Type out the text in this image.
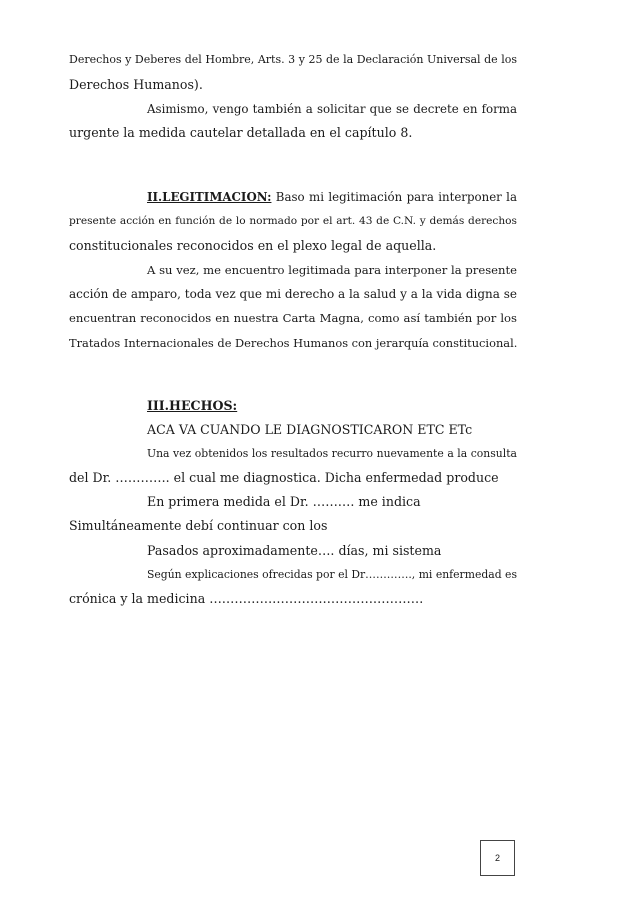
Derechos y Deberes del Hombre, Arts. 3 y 25 de la Declaración Universal de los
Derechos Humanos).
Asimismo, vengo también a solicitar que se decrete en forma
urgente la medida cautelar detallada en el capítulo 8.
II.LEGITIMACION: Baso mi legitimación para interponer la
presente acción en función de lo normado por el art. 43 de C.N. y demás derechos
constitucionales reconocidos en el plexo legal de aquella.
A su vez, me encuentro legitimada para interponer la presente
acción de amparo, toda vez que mi derecho a la salud y a la vida digna se
encuentran reconocidos en nuestra Carta Magna, como así también por los
Tratados Internacionales de Derechos Humanos con jerarquía constitucional.
III.HECHOS:
ACA VA CUANDO LE DIAGNOSTICARON ETC ETc
Una vez obtenidos los resultados recurro nuevamente a la consulta
del Dr. …………. el cual me diagnostica. Dicha enfermedad produce
En primera medida el Dr. ………. me indica
Simultáneamente debí continuar con los
Pasados aproximadamente…. días, mi sistema
Según explicaciones ofrecidas por el Dr…………., mi enfermedad es
crónica y la medicina ……………………………………………
2
